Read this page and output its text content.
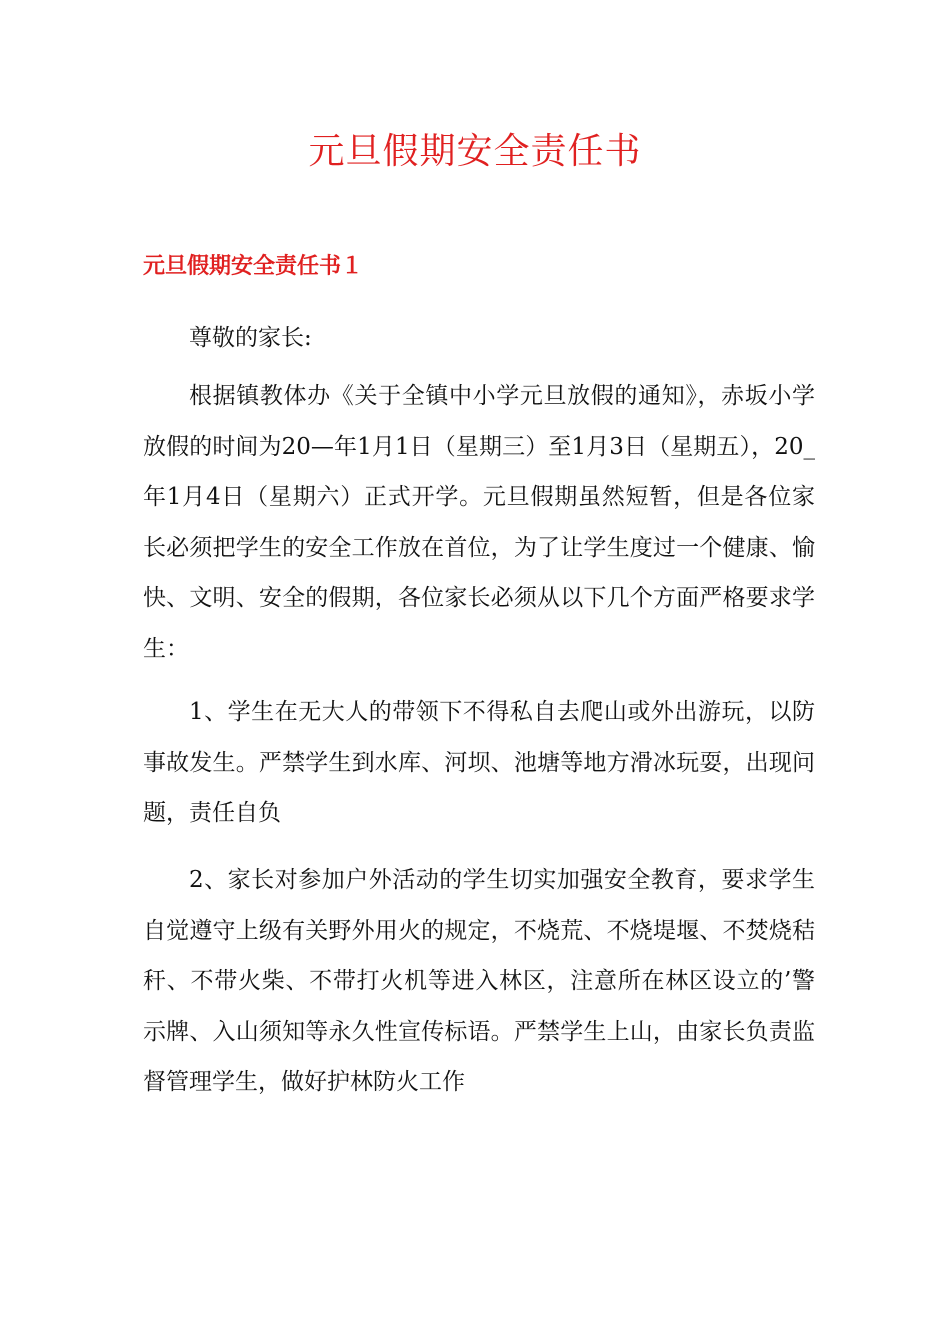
元旦假期安全责任书
元旦假期安全责任书１

尊敬的家长:

根据镇教体办《关于全镇中小学元旦放假的通知》，赤坂小学放假的时间为20—年1月1日（星期三）至1月3日（星期五），20_年1月4日（星期六）正式开学。元旦假期虽然短暂，但是各位家长必须把学生的安全工作放在首位，为了让学生度过一个健康、愉快、文明、安全的假期，各位家长必须从以下几个方面严格要求学生：

1、学生在无大人的带领下不得私自去爬山或外出游玩，以防事故发生。严禁学生到水库、河坝、池塘等地方滑冰玩耍，出现问题，责任自负

2、家长对参加户外活动的学生切实加强安全教育，要求学生自觉遵守上级有关野外用火的规定，不烧荒、不烧堤堰、不焚烧秸秆、不带火柴、不带打火机等进入林区，注意所在林区设立的’警示牌、入山须知等永久性宣传标语。严禁学生上山，由家长负责监督管理学生，做好护林防火工作
